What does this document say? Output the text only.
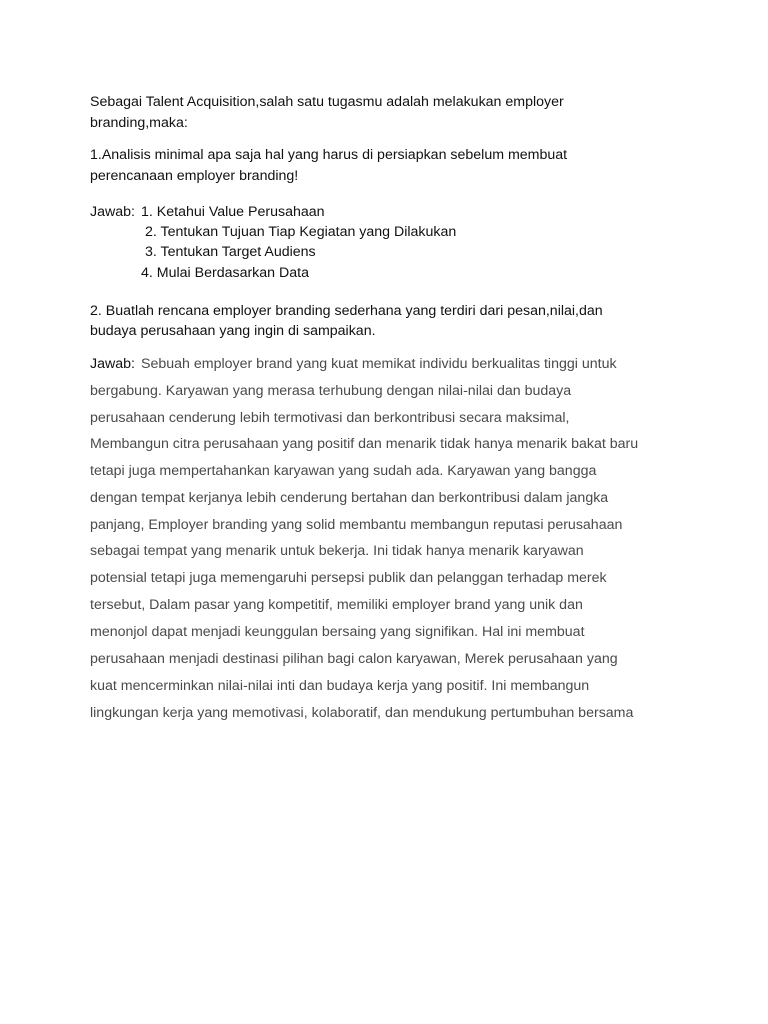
Sebagai Talent Acquisition,salah satu tugasmu adalah melakukan employer

branding,maka:

1.Analisis minimal apa saja hal yang harus di persiapkan sebelum membuat

perencanaan employer branding!

Jawab: 1. Ketahui Value Perusahaan

2. Tentukan Tujuan Tiap Kegiatan yang Dilakukan

3. Tentukan Target Audiens

4. Mulai Berdasarkan Data

2. Buatlah rencana employer branding sederhana yang terdiri dari pesan,nilai,dan

budaya perusahaan yang ingin di sampaikan.

Jawab: Sebuah employer brand yang kuat memikat individu berkualitas tinggi untuk

bergabung. Karyawan yang merasa terhubung dengan nilai-nilai dan budaya

perusahaan cenderung lebih termotivasi dan berkontribusi secara maksimal,

Membangun citra perusahaan yang positif dan menarik tidak hanya menarik bakat baru

tetapi juga mempertahankan karyawan yang sudah ada. Karyawan yang bangga

dengan tempat kerjanya lebih cenderung bertahan dan berkontribusi dalam jangka

panjang, Employer branding yang solid membantu membangun reputasi perusahaan

sebagai tempat yang menarik untuk bekerja. Ini tidak hanya menarik karyawan

potensial tetapi juga memengaruhi persepsi publik dan pelanggan terhadap merek

tersebut, Dalam pasar yang kompetitif, memiliki employer brand yang unik dan

menonjol dapat menjadi keunggulan bersaing yang signifikan. Hal ini membuat

perusahaan menjadi destinasi pilihan bagi calon karyawan, Merek perusahaan yang

kuat mencerminkan nilai-nilai inti dan budaya kerja yang positif. Ini membangun

lingkungan kerja yang memotivasi, kolaboratif, dan mendukung pertumbuhan bersama
